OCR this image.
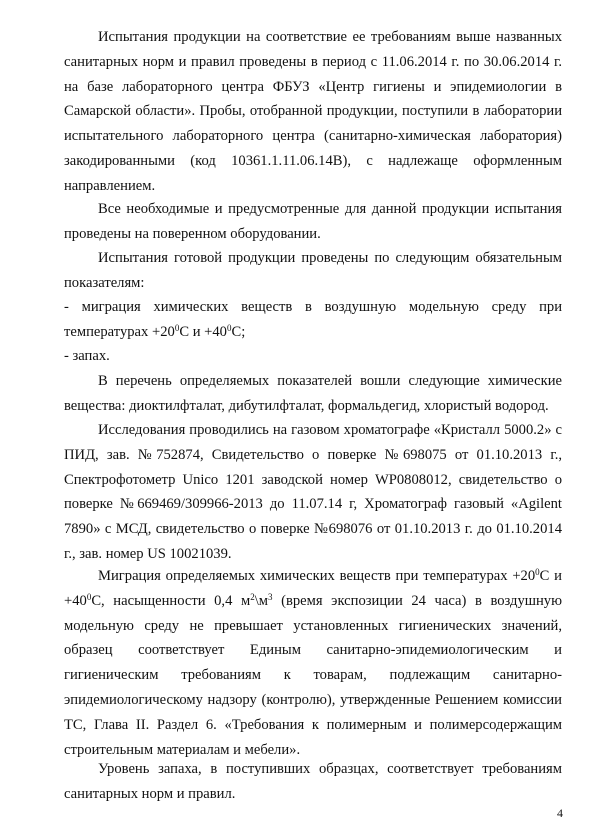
Испытания продукции на соответствие ее требованиям выше названных санитарных норм и правил проведены в период с 11.06.2014 г. по 30.06.2014 г. на базе лабораторного центра ФБУЗ «Центр гигиены и эпидемиологии в Самарской области». Пробы, отобранной продукции, поступили в лаборатории испытательного лабораторного центра (санитарно-химическая лаборатория) закодированными (код 10361.1.11.06.14В), с надлежаще оформленным направлением.

Все необходимые и предусмотренные для данной продукции испытания проведены на поверенном оборудовании.

Испытания готовой продукции проведены по следующим обязательным показателям:

- миграция химических веществ в воздушную модельную среду при температурах $+20^0С$ $и +40^0С$;

- запах.

В перечень определяемых показателей вошли следующие химические вещества: диоктилфталат, дибутилфталат, формальдегид, хлористый водород.

Исследования проводились на газовом хроматографе «Кристалл 5000.2» с ПИД, зав. №752874, Свидетельство о поверке №698075 от 01.10.2013 г., Спектрофотометр Unico 1201 заводской номер WP0808012, свидетельство о поверке №669469/309966-2013 до 11.07.14 г, Хроматограф газовый «Agilent 7890» с МСД, свидетельство о поверке №698076 от 01.10.2013 г. до 01.10.2014 г., зав. номер US 10021039.

Миграция определяемых химических веществ при температурах $+20^0С$ $и +40^0С$, насыщенности 0,4 $м^2\backslash м^3$ (время экспозиции 24 часа) в воздушную модельную среду не превышает установленных гигиенических значений, образец соответствует Единым санитарно-эпидемиологическим и гигиеническим требованиям к товарам, подлежащим санитарно-эпидемиологическому надзору (контролю), утвержденные Решением комиссии ТС, Глава II. Раздел 6. «Требования к полимерным и полимерсодержащим строительным материалам и мебели».

Уровень запаха, в поступивших образцах, соответствует требованиям санитарных норм и правил.

4
